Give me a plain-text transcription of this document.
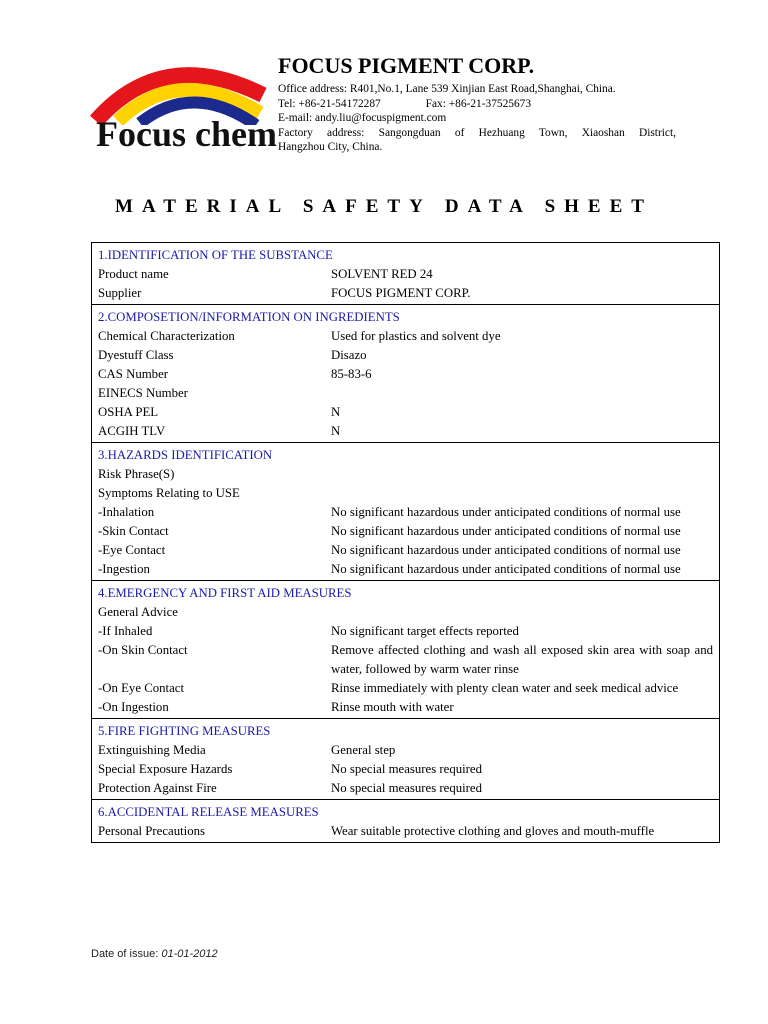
Focus chem
FOCUS PIGMENT CORP.
Office address: R401,No.1, Lane 539 Xinjian East Road,Shanghai, China.
Tel: +86-21-54172287	Fax: +86-21-37525673
E-mail: andy.liu@focuspigment.com
Factory address: Sangongduan of Hezhuang Town, Xiaoshan District,
Hangzhou City, China.
MATERIAL SAFETY DATA SHEET
1.IDENTIFICATION OF THE SUBSTANCE
Product name	SOLVENT RED 24
Supplier	FOCUS PIGMENT CORP.
2.COMPOSETION/INFORMATION ON INGREDIENTS
Chemical Characterization	Used for plastics and solvent dye
Dyestuff Class	Disazo
CAS Number	85-83-6
EINECS Number
OSHA PEL	N
ACGIH TLV	N
3.HAZARDS IDENTIFICATION
Risk Phrase(S)
Symptoms Relating to USE
-Inhalation	No significant hazardous under anticipated conditions of normal use
-Skin Contact	No significant hazardous under anticipated conditions of normal use
-Eye Contact	No significant hazardous under anticipated conditions of normal use
-Ingestion	No significant hazardous under anticipated conditions of normal use
4.EMERGENCY AND FIRST AID MEASURES
General Advice
-If Inhaled	No significant target effects reported
-On Skin Contact	Remove affected clothing and wash all exposed skin area with soap and water, followed by warm water rinse
-On Eye Contact	Rinse immediately with plenty clean water and seek medical advice
-On Ingestion	Rinse mouth with water
5.FIRE FIGHTING MEASURES
Extinguishing Media	General step
Special Exposure Hazards	No special measures required
Protection Against Fire	No special measures required
6.ACCIDENTAL RELEASE MEASURES
Personal Precautions	Wear suitable protective clothing and gloves and mouth-muffle
Date of issue: 01-01-2012
